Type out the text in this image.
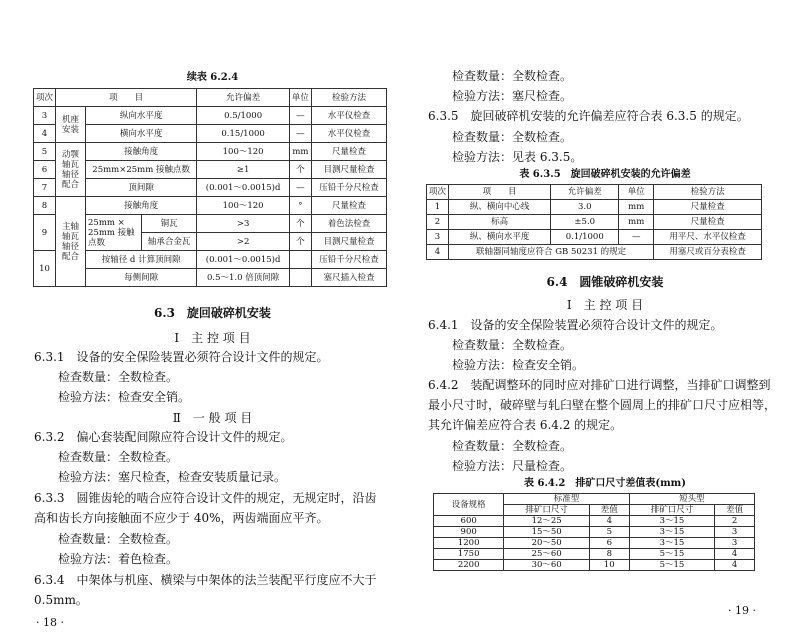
续表 6.2.4
项次	项　　目			允许偏差	单位	检验方法
3	机座安装	纵向水平度		0.5/1000	—	水平仪检查
4		横向水平度		0.15/1000	—	水平仪检查
5	动颚轴瓦轴径配合	接触角度		100～120	mm	尺量检查
6		25mm×25mm 接触点数		≥1	个	目测尺量检查
7		顶间隙		(0.001～0.0015)d	—	压铅千分尺检查
8	主轴轴瓦轴径配合	接触角度		100～120	°	尺量检查
9		25mm × 25mm 接触点数	铜瓦	>3	个	着色法检查
			轴承合金瓦	>2	个	目测尺量检查
10		按轴径 d 计算顶间隙		(0.001～0.0015)d		压铅千分尺检查
		每侧间隙		0.5～1.0 倍顶间隙		塞尺插入检查
6.3　旋回破碎机安装
Ⅰ　主 控 项 目
6.3.1　设备的安全保险装置必须符合设计文件的规定。
检查数量：全数检查。
检验方法：检查安全销。
Ⅱ　一 般 项 目
6.3.2　偏心套装配间隙应符合设计文件的规定。
检查数量：全数检查。
检验方法：塞尺检查，检查安装质量记录。
6.3.3　圆锥齿轮的啮合应符合设计文件的规定，无规定时，沿齿
高和齿长方向接触面不应少于 40%，两齿端面应平齐。
检查数量：全数检查。
检验方法：着色检查。
6.3.4　中架体与机座、横梁与中架体的法兰装配平行度应不大于
0.5mm。
· 18 ·
检查数量：全数检查。
检验方法：塞尺检查。
6.3.5　旋回破碎机安装的允许偏差应符合表 6.3.5 的规定。
检查数量：全数检查。
检验方法：见表 6.3.5。
表 6.3.5　旋回破碎机安装的允许偏差
项次	项　　目	允许偏差	单位	检验方法
1	纵、横向中心线	3.0	mm	尺量检查
2	标高	±5.0	mm	尺量检查
3	纵、横向水平度	0.1/1000	—	用平尺、水平仪检查
4	联轴器同轴度应符合 GB 50231 的规定			用塞尺或百分表检查
6.4　圆锥破碎机安装
Ⅰ　主 控 项 目
6.4.1　设备的安全保险装置必须符合设计文件的规定。
检查数量：全数检查。
检验方法：检查安全销。
6.4.2　装配调整环的同时应对排矿口进行调整，当排矿口调整到
最小尺寸时，破碎壁与轧臼壁在整个圆周上的排矿口尺寸应相等，
其允许偏差应符合表 6.4.2 的规定。
检查数量：全数检查。
检验方法：尺量检查。
表 6.4.2　排矿口尺寸差值表(mm)
设备规格	标准型		短头型	
	排矿口尺寸	差值	排矿口尺寸	差值
600	12～25	4	3～15	2
900	15～50	5	3～15	3
1200	20～50	6	3～15	3
1750	25～60	8	5～15	4
2200	30～60	10	5～15	4
· 19 ·
